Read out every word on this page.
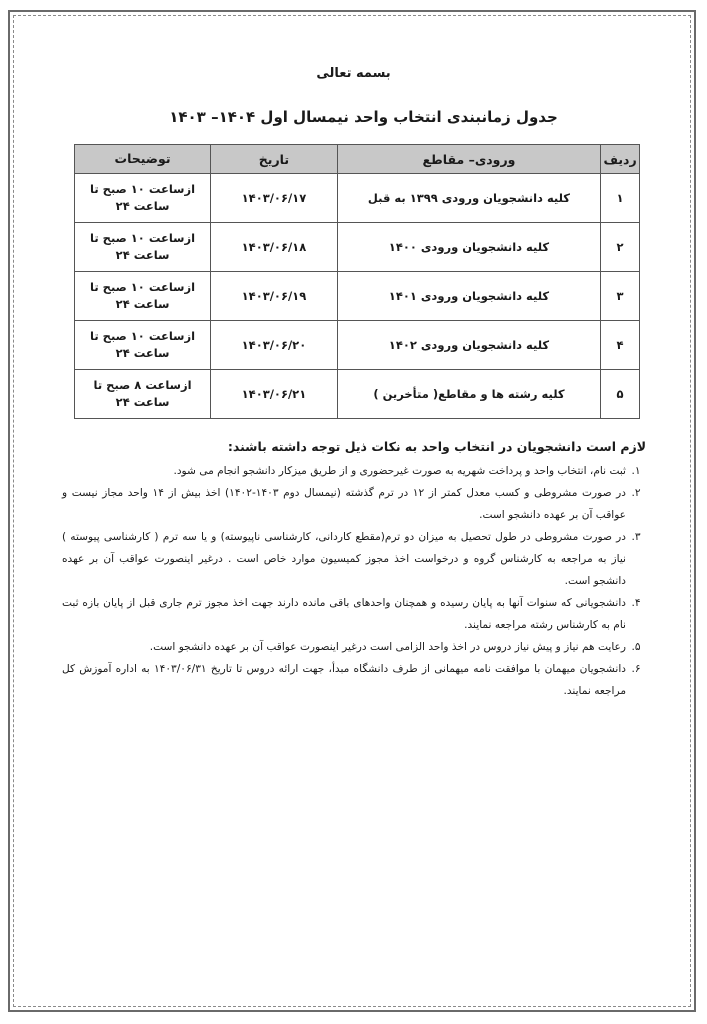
بسمه تعالی
جدول زمانبندی انتخاب واحد نیمسال اول ۱۴۰۴– ۱۴۰۳
ردیف	ورودی– مقاطع	تاریخ	توضیحات
۱	کلیه دانشجویان ورودی ۱۳۹۹ به قبل	۱۴۰۳/۰۶/۱۷	ازساعت ۱۰ صبح تا
ساعت ۲۴
۲	کلیه دانشجویان ورودی ۱۴۰۰	۱۴۰۳/۰۶/۱۸	ازساعت ۱۰ صبح تا
ساعت ۲۴
۳	کلیه دانشجویان ورودی ۱۴۰۱	۱۴۰۳/۰۶/۱۹	ازساعت ۱۰ صبح تا
ساعت ۲۴
۴	کلیه دانشجویان ورودی ۱۴۰۲	۱۴۰۳/۰۶/۲۰	ازساعت ۱۰ صبح تا
ساعت ۲۴
۵	کلیه رشته ها و مقاطع( متأخرین )	۱۴۰۳/۰۶/۲۱	ازساعت ۸ صبح تا
ساعت ۲۴
لازم است دانشجویان در انتخاب واحد به نکات ذیل توجه داشته باشند:
۱.
ثبت نام، انتخاب واحد و پرداخت شهریه به صورت غیرحضوری و از طریق میزکار دانشجو انجام می شود.
۲.
در صورت مشروطی و کسب معدل کمتر از ۱۲ در ترم گذشته (نیمسال دوم ۱۴۰۳-۱۴۰۲) اخذ بیش از ۱۴ واحد مجاز نیست و عواقب آن بر عهده دانشجو است.
۳.
در صورت مشروطی در طول تحصیل به میزان دو ترم(مقطع کاردانی، کارشناسی ناپیوسته) و یا سه ترم ( کارشناسی پیوسته ) نیاز به مراجعه به کارشناس گروه و درخواست اخذ مجوز کمیسیون موارد خاص است . درغیر اینصورت عواقب آن بر عهده دانشجو است.
۴.
دانشجویانی که سنوات آنها به پایان رسیده و همچنان واحدهای باقی مانده دارند جهت اخذ مجوز ترم جاری قبل از پایان بازه ثبت نام به کارشناس رشته مراجعه نمایند.
۵.
رعایت هم نیاز و پیش نیاز دروس در اخذ واحد الزامی است درغیر اینصورت عواقب آن بر عهده دانشجو است.
۶.
دانشجویان میهمان با موافقت نامه میهمانی از طرف دانشگاه مبدأ، جهت ارائه دروس تا تاریخ ۱۴۰۳/۰۶/۳۱ به اداره آموزش کل مراجعه نمایند.
